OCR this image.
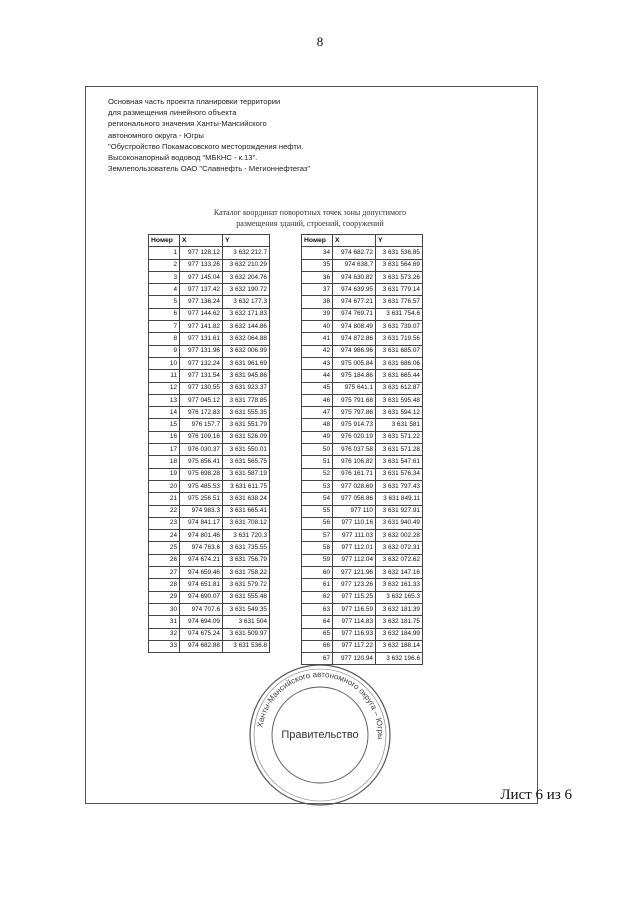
8
Основная часть проекта планировки территории
для размещения линейного объекта
регионального значения Ханты-Мансийского
автономного округа - Югры
"Обустройство Покамасовского месторождения нефти.
Высоконапорный водовод "МБКНС - к.13".
Землепользователь ОАО "Славнефть - Мегионнефтегаз"
Каталог координат поворотных точек зоны допустимого
размещения зданий, строений, сооружений
Номер	X	Y
1	977 128.12	3 632 212.7
2	977 133.26	3 632 210.29
3	977 145.04	3 632 204.76
4	977 137.42	3 632 190.72
5	977 136.24	3 632 177.3
6	977 144.62	3 632 171.83
7	977 141.82	3 632 144.86
8	977 131.61	3 632 064.88
9	977 131.96	3 632 006.99
10	977 132.24	3 631 961.69
11	977 131.54	3 631 945.86
12	977 130.55	3 631 923.37
13	977 045.12	3 631 778.85
14	976 172.83	3 631 555.35
15	976 157.7	3 631 551.79
16	976 109.16	3 631 526.09
17	976 030.37	3 631 550.01
18	975 856.41	3 631 565.75
19	975 698.28	3 631 587.19
20	975 485.53	3 631 611.75
21	975 256.51	3 631 638.24
22	974 983.3	3 631 665.41
23	974 841.17	3 631 708.12
24	974 801.46	3 631 720.3
25	974 763.6	3 631 735.55
26	974 674.21	3 631 756.79
27	974 659.46	3 631 758.22
28	974 651.81	3 631 579.72
29	974 690.07	3 631 555.48
30	974 707.6	3 631 549.35
31	974 694.09	3 631 504
32	974 675.24	3 631 509.97
33	974 682.88	3 631 536.8
Номер	X	Y
34	974 682.72	3 631 536.85
35	974 638.7	3 631 564.69
36	974 630.82	3 631 573.26
37	974 639.95	3 631 779.14
38	974 677.21	3 631 776.57
39	974 769.71	3 631 754.6
40	974 808.49	3 631 739.07
41	974 872.86	3 631 719.56
42	974 986.96	3 631 685.07
43	975 005.84	3 631 686.06
44	975 184.86	3 631 665.44
45	975 641.1	3 631 612.87
46	975 791.68	3 631 595.48
47	975 797.86	3 631 594.12
48	975 914.73	3 631 581
49	976 020.19	3 631 571.22
50	976 037.58	3 631 571.28
51	976 106.82	3 631 547.61
52	976 161.71	3 631 576.34
53	977 028.69	3 631 797.43
54	977 056.86	3 631 849.11
55	977 110	3 631 927.91
56	977 110.16	3 631 940.49
57	977 111.03	3 632 002.28
58	977 112.01	3 632 072.31
59	977 112.04	3 632 072.62
60	977 121.96	3 632 147.16
61	977 123.26	3 632 161.33
62	977 115.25	3 632 165.3
63	977 116.59	3 632 181.39
64	977 114.83	3 632 181.75
65	977 116.93	3 632 184.99
66	977 117.22	3 632 188.14
67	977 120.94	3 632 196.6
Ханты-Мансийского автономного округа – Югры
Правительство
Лист 6 из 6
